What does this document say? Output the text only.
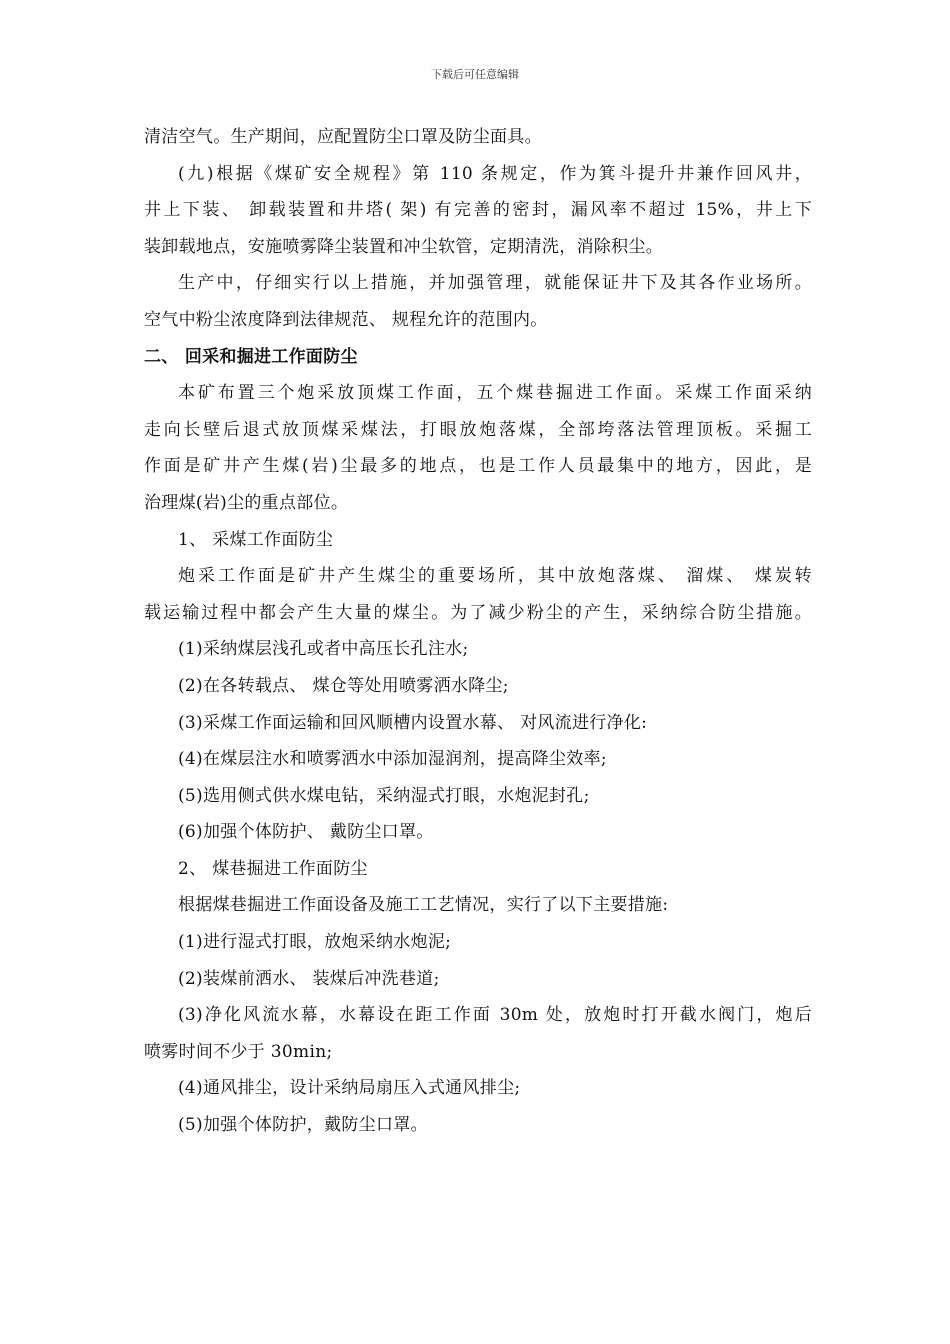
下载后可任意编辑

清洁空气。生产期间，应配置防尘口罩及防尘面具。

(九)根据《煤矿安全规程》第 110 条规定，作为箕斗提升井兼作回风井，

井上下装、 卸载装置和井塔( 架) 有完善的密封，漏风率不超过 15%，井上下

装卸载地点，安施喷雾降尘装置和冲尘软管，定期清洗，消除积尘。

生产中，仔细实行以上措施，并加强管理，就能保证井下及其各作业场所。

空气中粉尘浓度降到法律规范、 规程允许的范围内。

二、 回采和掘进工作面防尘

本矿布置三个炮采放顶煤工作面，五个煤巷掘进工作面。采煤工作面采纳

走向长壁后退式放顶煤采煤法，打眼放炮落煤，全部垮落法管理顶板。采掘工

作面是矿井产生煤(岩)尘最多的地点，也是工作人员最集中的地方，因此，是

治理煤(岩)尘的重点部位。

1、 采煤工作面防尘

炮采工作面是矿井产生煤尘的重要场所，其中放炮落煤、 溜煤、 煤炭转

载运输过程中都会产生大量的煤尘。为了减少粉尘的产生，采纳综合防尘措施。

(1)采纳煤层浅孔或者中高压长孔注水;

(2)在各转载点、 煤仓等处用喷雾洒水降尘;

(3)采煤工作面运输和回风顺槽内设置水幕、 对风流进行净化:

(4)在煤层注水和喷雾洒水中添加湿润剂，提高降尘效率;

(5)选用侧式供水煤电钻，采纳湿式打眼，水炮泥封孔;

(6)加强个体防护、 戴防尘口罩。

2、 煤巷掘进工作面防尘

根据煤巷掘进工作面设备及施工工艺情况，实行了以下主要措施:

(1)进行湿式打眼，放炮采纳水炮泥;

(2)装煤前洒水、 装煤后冲洗巷道;

(3)净化风流水幕，水幕设在距工作面 30m 处，放炮时打开截水阀门，炮后

喷雾时间不少于 30min;

(4)通风排尘，设计采纳局扇压入式通风排尘;

(5)加强个体防护，戴防尘口罩。
